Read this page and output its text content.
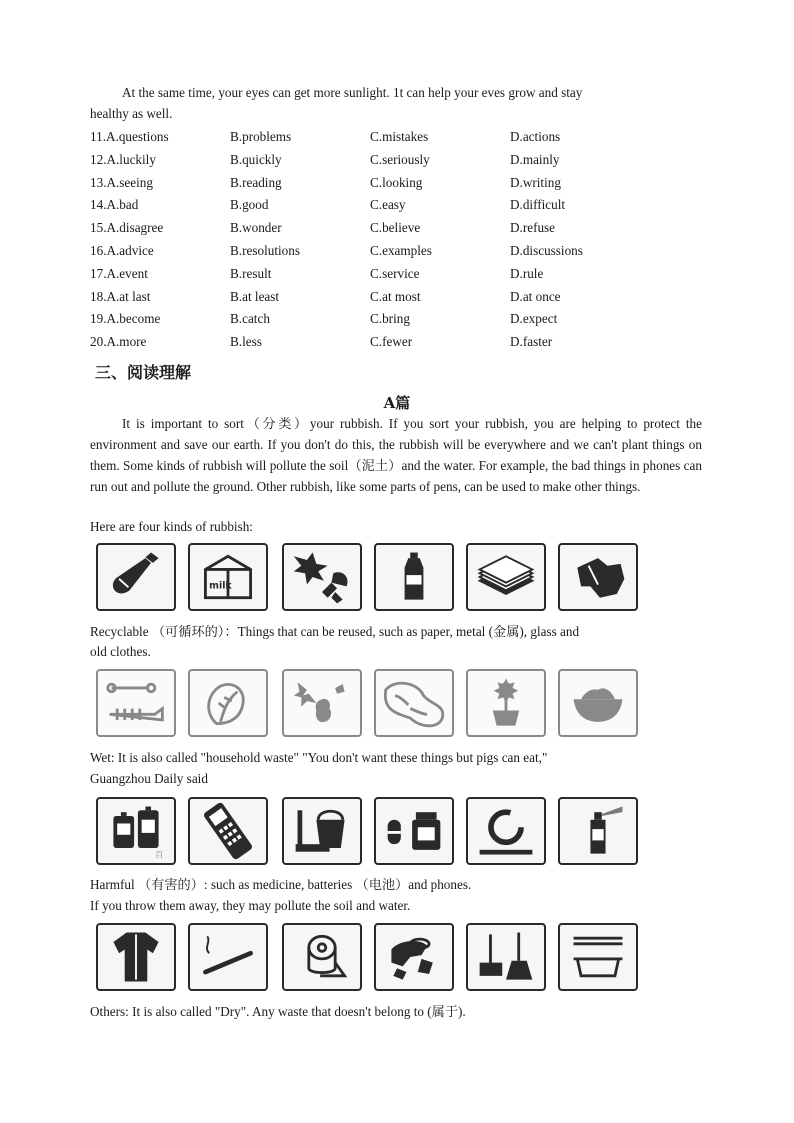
At the same time, your eyes can get more sunlight. 1t can help your eves grow and stay
healthy as well.

11.A.questions	B.problems	C.mistakes	D.actions
12.A.luckily	B.quickly	C.seriously	D.mainly
13.A.seeing	B.reading	C.looking	D.writing
14.A.bad	B.good	C.easy	D.difficult
15.A.disagree	B.wonder	C.believe	D.refuse
16.A.advice	B.resolutions	C.examples	D.discussions
17.A.event	B.result	C.service	D.rule
18.A.at last	B.at least	C.at most	D.at once
19.A.become	B.catch	C.bring	D.expect
20.A.more	B.less	C.fewer	D.faster
三、阅读理解
A篇

It is important to sort（分类）your rubbish. If you sort your rubbish, you are helping to protect the environment and save our earth. If you don't do this, the rubbish will be everywhere and we can't plant things on them. Some kinds of rubbish will pollute the soil（泥土）and the water. For example, the bad things in phones can run out and pollute the ground. Other rubbish, like some parts of pens, can be used to make other things.

Here are four kinds of rubbish:
milk
Recyclable （可循环的）：Things that can be reused, such as paper, metal (金属), glass and
old clothes.
Wet: It is also called "household waste" "You don't want these things but pigs can eat,"
Guangzhou Daily said
百
Harmful （有害的）: such as medicine, batteries （电池）and phones.
If you throw them away, they may pollute the soil and water.
Others: It is also called "Dry". Any waste that doesn't belong to (属于).
